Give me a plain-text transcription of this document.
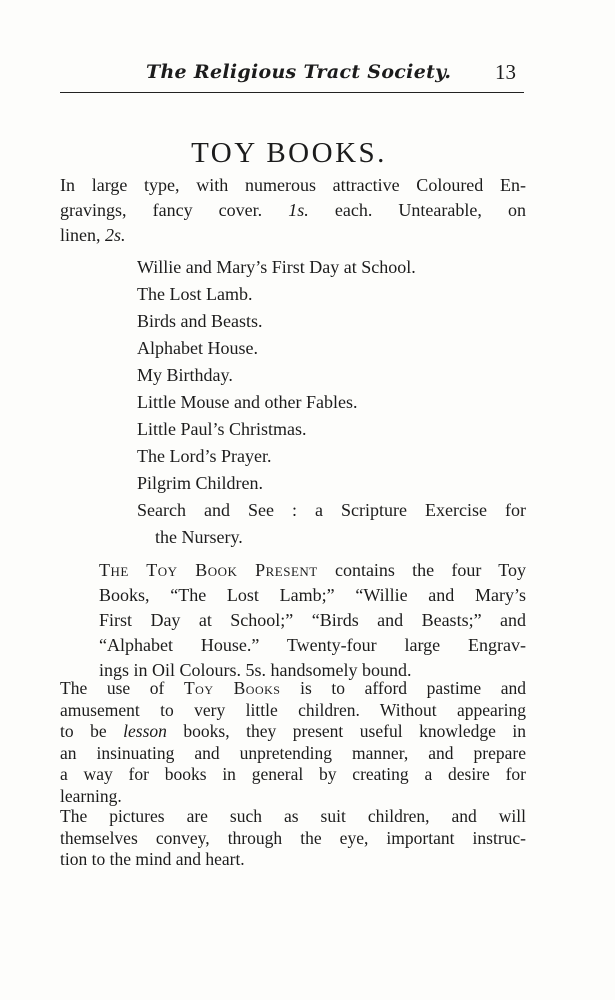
The Religious Tract Society. 13
TOY BOOKS.
In large type, with numerous attractive Coloured En-
gravings, fancy cover. 1s. each. Untearable, on
linen, 2s.
Willie and Mary’s First Day at School.
The Lost Lamb.
Birds and Beasts.
Alphabet House.
My Birthday.
Little Mouse and other Fables.
Little Paul’s Christmas.
The Lord’s Prayer.
Pilgrim Children.
Search and See : a Scripture Exercise for
the Nursery.
The Toy Book Present contains the four Toy
Books, “The Lost Lamb;” “Willie and Mary’s
First Day at School;” “Birds and Beasts;” and
“Alphabet House.” Twenty-four large Engrav-
ings in Oil Colours. 5s. handsomely bound.
The use of Toy Books is to afford pastime and
amusement to very little children. Without appearing
to be lesson books, they present useful knowledge in
an insinuating and unpretending manner, and prepare
a way for books in general by creating a desire for
learning.
The pictures are such as suit children, and will
themselves convey, through the eye, important instruc-
tion to the mind and heart.
